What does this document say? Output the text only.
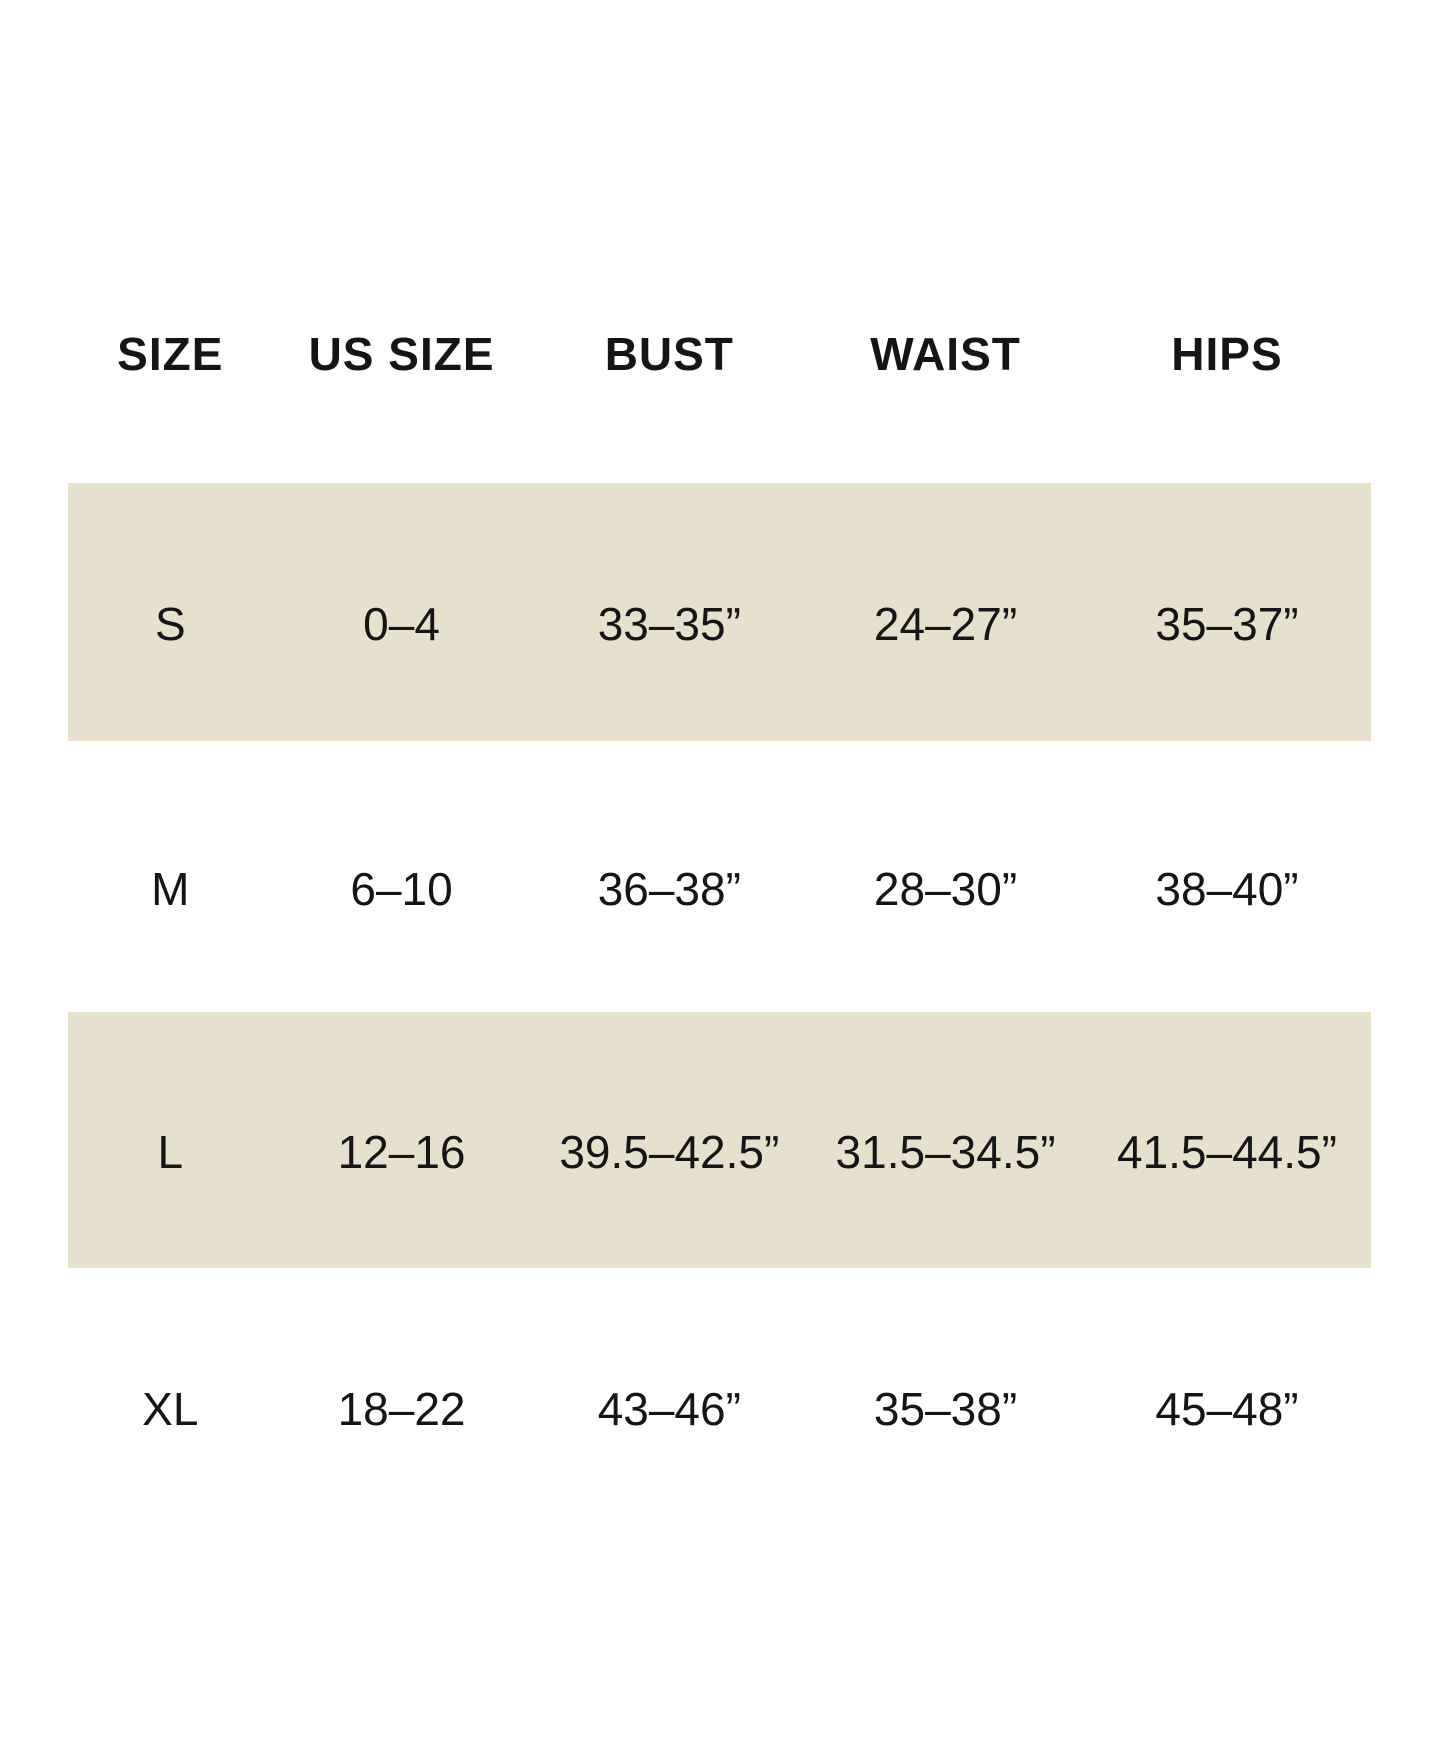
SIZE	US SIZE	BUST	WAIST	HIPS
S	0–4	33–35”	24–27”	35–37”
M	6–10	36–38”	28–30”	38–40”
L	12–16	39.5–42.5”	31.5–34.5”	41.5–44.5”
XL	18–22	43–46”	35–38”	45–48”
